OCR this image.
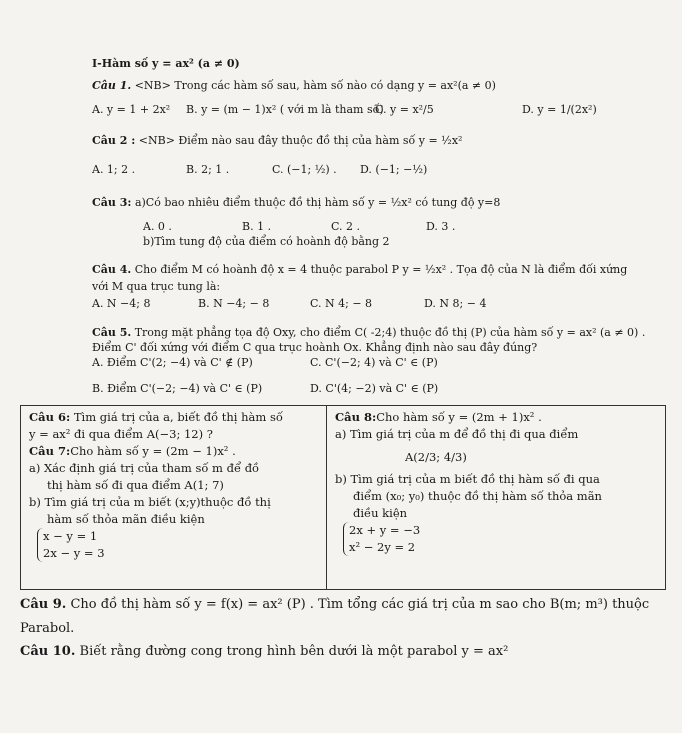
I-Hàm số y = ax² (a ≠ 0)
Câu 1. <NB> Trong các hàm số sau, hàm số nào có dạng y = ax²(a ≠ 0)
A. y = 1 + 2x² B. y = (m − 1)x² ( với m là tham số)
C. y = x²/5	D. y = 1/(2x²)
Câu 2 : <NB> Điểm nào sau đây thuộc đồ thị của hàm số y = ½x²
A. 1; 2 .	B. 2; 1 .	C. (−1; ½) . D. (−1; −½)
Câu 3: a)Có bao nhiêu điểm thuộc đồ thị hàm số y = ½x² có tung độ y=8
A. 0 .	B. 1 .	C. 2 .	D. 3 .
b)Tìm tung độ của điểm có hoành độ bằng 2
Câu 4. Cho điểm M có hoành độ x = 4 thuộc parabol P y = ½x² . Tọa độ của N là điểm đối xứng
với M qua trục tung là:
A. N −4; 8	B. N −4; − 8	C. N 4; − 8	D. N 8; − 4
Câu 5. Trong mặt phẳng tọa độ Oxy, cho điểm C( -2;4) thuộc đồ thị (P) của hàm số y = ax² (a ≠ 0) .
Điểm C' đối xứng với điểm C qua trục hoành Ox. Khẳng định nào sau đây đúng?
A. Điểm C'(2; −4) và C' ∉ (P)	C. C'(−2; 4) và C' ∈ (P)
B. Điểm C'(−2; −4) và C' ∈ (P)	D. C'(4; −2) và C' ∈ (P)
Câu 6: Tìm giá trị của a, biết đồ thị hàm số
y = ax² đi qua điểm A(−3; 12) ?
Câu 7:Cho hàm số y = (2m − 1)x² .
a) Xác định giá trị của tham số m để đồ
thị hàm số đi qua điểm A(1; 7)
b) Tìm giá trị của m biết (x;y)thuộc đồ thị
hàm số thỏa mãn điều kiện
x − y = 1
2x − y = 3
Câu 8:Cho hàm số y = (2m + 1)x² .
a) Tìm giá trị của m để đồ thị đi qua điểm
A(2/3; 4/3)
b) Tìm giá trị của m biết đồ thị hàm số đi qua
điểm (x₀; y₀) thuộc đồ thị hàm số thỏa mãn
điều kiện
2x + y = −3
x² − 2y = 2
Câu 9. Cho đồ thị hàm số y = f(x) = ax² (P) . Tìm tổng các giá trị của m sao cho B(m; m³) thuộc
Parabol.
Câu 10. Biết rằng đường cong trong hình bên dưới là một parabol y = ax²
